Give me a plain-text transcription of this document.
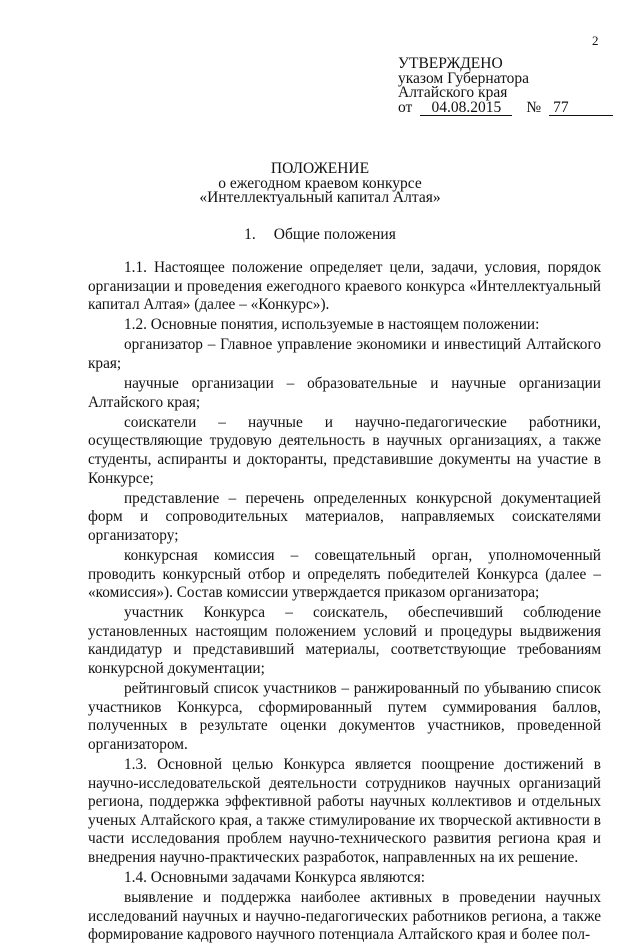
2
УТВЕРЖДЕНО
указом Губернатора
Алтайского края
от 04.08.2015 № 77
ПОЛОЖЕНИЕ
о ежегодном краевом конкурсе
«Интеллектуальный капитал Алтая»
1. Общие положения

1.1. Настоящее положение определяет цели, задачи, условия, порядок организации и проведения ежегодного краевого конкурса «Интеллектуальный капитал Алтая» (далее – «Конкурс»).

1.2. Основные понятия, используемые в настоящем положении:

организатор – Главное управление экономики и инвестиций Алтайского края;

научные организации – образовательные и научные организации Алтайского края;

соискатели – научные и научно-педагогические работники, осуществляющие трудовую деятельность в научных организациях, а также студенты, аспиранты и докторанты, представившие документы на участие в Конкурсе;

представление – перечень определенных конкурсной документацией форм и сопроводительных материалов, направляемых соискателями организатору;

конкурсная комиссия – совещательный орган, уполномоченный проводить конкурсный отбор и определять победителей Конкурса (далее – «комиссия»). Состав комиссии утверждается приказом организатора;

участник Конкурса – соискатель, обеспечивший соблюдение установленных настоящим положением условий и процедуры выдвижения кандидатур и представивший материалы, соответствующие требованиям конкурсной документации;

рейтинговый список участников – ранжированный по убыванию список участников Конкурса, сформированный путем суммирования баллов, полученных в результате оценки документов участников, проведенной организатором.

1.3. Основной целью Конкурса является поощрение достижений в научно-исследовательской деятельности сотрудников научных организаций региона, поддержка эффективной работы научных коллективов и отдельных ученых Алтайского края, а также стимулирование их творческой активности в части исследования проблем научно-технического развития региона края и внедрения научно-практических разработок, направленных на их решение.

1.4. Основными задачами Конкурса являются:

выявление и поддержка наиболее активных в проведении научных исследований научных и научно-педагогических работников региона, а также формирование кадрового научного потенциала Алтайского края и более пол-
